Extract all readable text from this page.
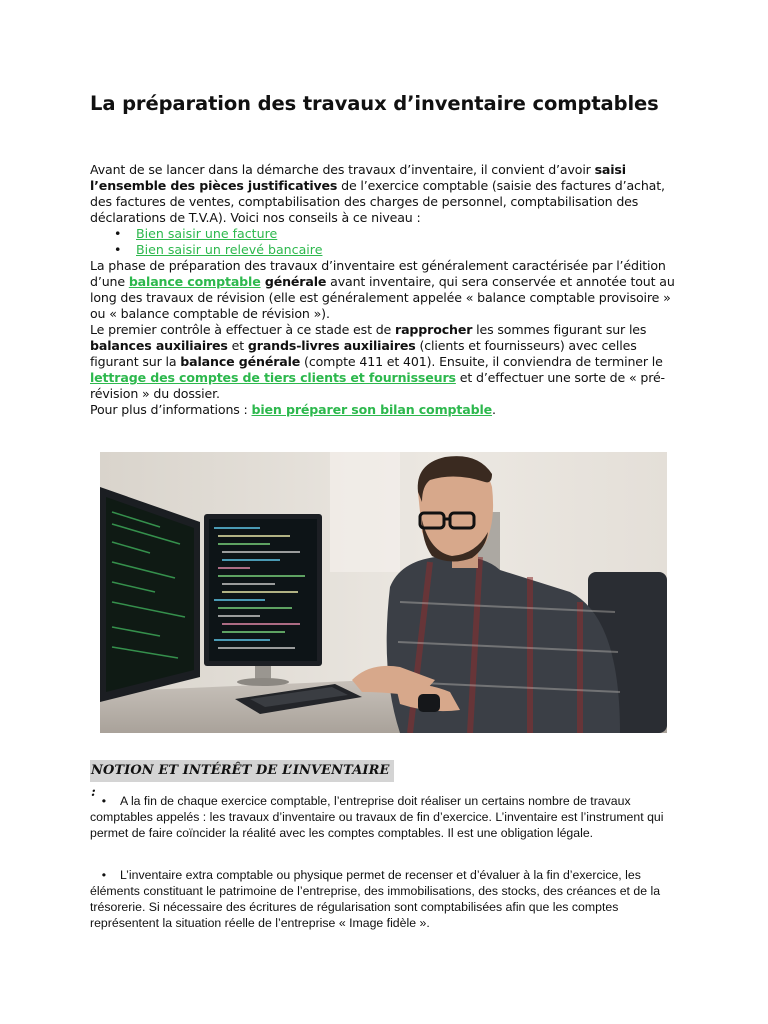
La préparation des travaux d’inventaire comptables

Avant de se lancer dans la démarche des travaux d’inventaire, il convient d’avoir saisi l’ensemble des pièces justificatives de l’exercice comptable (saisie des factures d’achat, des factures de ventes, comptabilisation des charges de personnel, comptabilisation des déclarations de T.V.A). Voici nos conseils à ce niveau :

• Bien saisir une facture
• Bien saisir un relevé bancaire

La phase de préparation des travaux d’inventaire est généralement caractérisée par l’édition d’une balance comptable générale avant inventaire, qui sera conservée et annotée tout au long des travaux de révision (elle est généralement appelée « balance comptable provisoire » ou « balance comptable de révision »).
Le premier contrôle à effectuer à ce stade est de rapprocher les sommes figurant sur les balances auxiliaires et grands-livres auxiliaires (clients et fournisseurs) avec celles figurant sur la balance générale (compte 411 et 401). Ensuite, il conviendra de terminer le lettrage des comptes de tiers clients et fournisseurs et d’effectuer une sorte de « pré-révision » du dossier.
Pour plus d’informations : bien préparer son bilan comptable.

NOTION ET INTÉRÊT DE L’INVENTAIRE :

• A la fin de chaque exercice comptable, l’entreprise doit réaliser un certains nombre de travaux comptables appelés : les travaux d’inventaire ou travaux de fin d’exercice. L’inventaire est l’instrument qui permet de faire coïncider la réalité avec les comptes comptables. Il est une obligation légale.

• L’inventaire extra comptable ou physique permet de recenser et d’évaluer à la fin d’exercice, les éléments constituant le patrimoine de l’entreprise, des immobilisations, des stocks, des créances et de la trésorerie. Si nécessaire des écritures de régularisation sont comptabilisées afin que les comptes représentent la situation réelle de l’entreprise « Image fidèle ».
